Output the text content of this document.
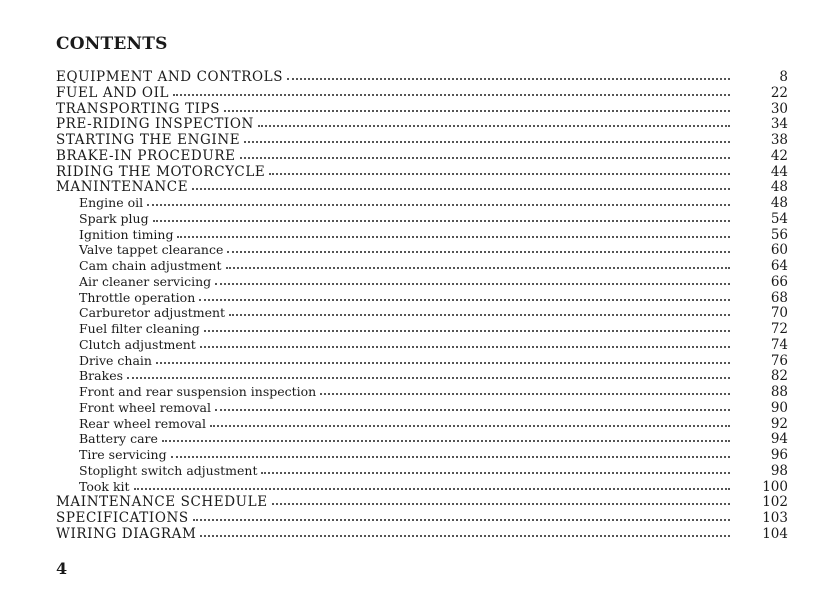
CONTENTS
EQUIPMENT AND CONTROLS	8
FUEL AND OIL	22
TRANSPORTING TIPS	30
PRE-RIDING INSPECTION	34
STARTING THE ENGINE	38
BRAKE-IN PROCEDURE	42
RIDING THE MOTORCYCLE	44
MANINTENANCE	48
Engine oil	48
Spark plug	54
Ignition timing	56
Valve tappet clearance	60
Cam chain adjustment	64
Air cleaner servicing	66
Throttle operation	68
Carburetor adjustment	70
Fuel filter cleaning	72
Clutch adjustment	74
Drive chain	76
Brakes	82
Front and rear suspension inspection	88
Front wheel removal	90
Rear wheel removal	92
Battery care	94
Tire servicing	96
Stoplight switch adjustment	98
Took kit	100
MAINTENANCE SCHEDULE	102
SPECIFICATIONS	103
WIRING DIAGRAM	104
4
